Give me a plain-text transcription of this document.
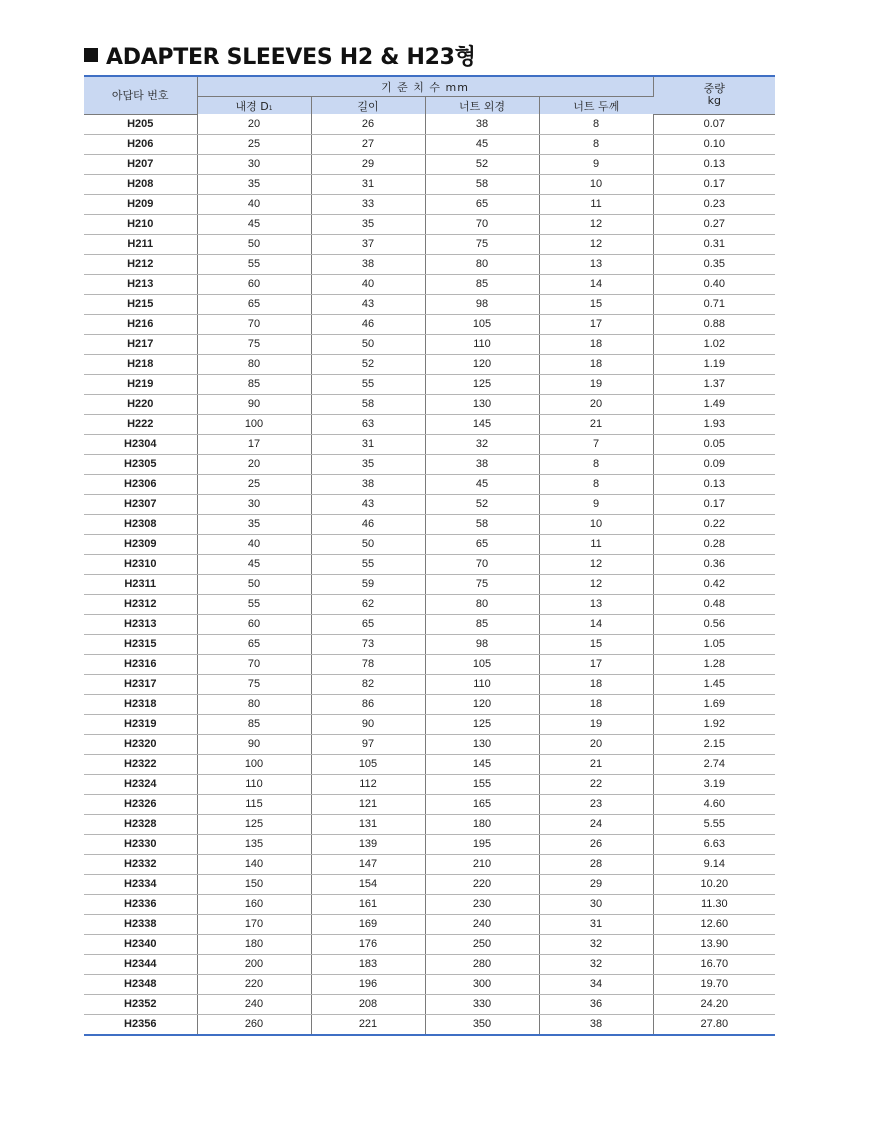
ADAPTER SLEEVES H2 & H23형
아답타 번호	기 준 치 수 mm				중량
kg

	내경 D1	길이	너트 외경	너트 두께	
H205	20	26	38	8	0.07
H206	25	27	45	8	0.10
H207	30	29	52	9	0.13
H208	35	31	58	10	0.17
H209	40	33	65	11	0.23
H210	45	35	70	12	0.27
H211	50	37	75	12	0.31
H212	55	38	80	13	0.35
H213	60	40	85	14	0.40
H215	65	43	98	15	0.71
H216	70	46	105	17	0.88
H217	75	50	110	18	1.02
H218	80	52	120	18	1.19
H219	85	55	125	19	1.37
H220	90	58	130	20	1.49
H222	100	63	145	21	1.93
H2304	17	31	32	7	0.05
H2305	20	35	38	8	0.09
H2306	25	38	45	8	0.13
H2307	30	43	52	9	0.17
H2308	35	46	58	10	0.22
H2309	40	50	65	11	0.28
H2310	45	55	70	12	0.36
H2311	50	59	75	12	0.42
H2312	55	62	80	13	0.48
H2313	60	65	85	14	0.56
H2315	65	73	98	15	1.05
H2316	70	78	105	17	1.28
H2317	75	82	110	18	1.45
H2318	80	86	120	18	1.69
H2319	85	90	125	19	1.92
H2320	90	97	130	20	2.15
H2322	100	105	145	21	2.74
H2324	110	112	155	22	3.19
H2326	115	121	165	23	4.60
H2328	125	131	180	24	5.55
H2330	135	139	195	26	6.63
H2332	140	147	210	28	9.14
H2334	150	154	220	29	10.20
H2336	160	161	230	30	11.30
H2338	170	169	240	31	12.60
H2340	180	176	250	32	13.90
H2344	200	183	280	32	16.70
H2348	220	196	300	34	19.70
H2352	240	208	330	36	24.20
H2356	260	221	350	38	27.80
